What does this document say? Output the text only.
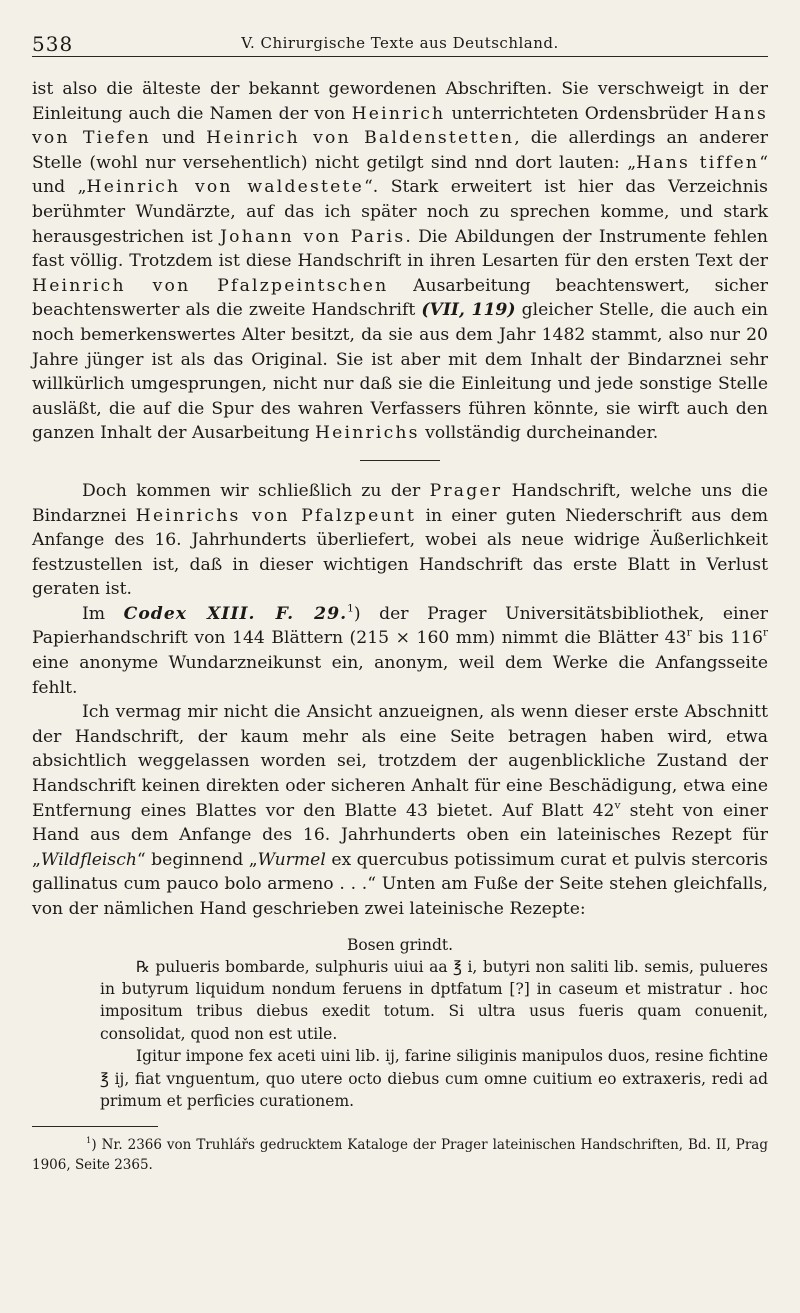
538	V. Chirurgische Texte aus Deutschland.

ist also die älteste der bekannt gewordenen Abschriften. Sie verschweigt in der Einleitung auch die Namen der von Heinrich unterrichteten Ordensbrüder Hans von Tiefen und Heinrich von Baldenstetten, die allerdings an anderer Stelle (wohl nur versehentlich) nicht getilgt sind nnd dort lauten: „Hans tiffen“ und „Heinrich von waldestete“. Stark erweitert ist hier das Verzeichnis berühmter Wundärzte, auf das ich später noch zu sprechen komme, und stark herausgestrichen ist Johann von Paris. Die Abildungen der Instrumente fehlen fast völlig. Trotzdem ist diese Handschrift in ihren Lesarten für den ersten Text der Heinrich von Pfalzpeintschen Ausarbeitung beachtenswert, sicher beachtenswerter als die zweite Handschrift (VII, 119) gleicher Stelle, die auch ein noch bemerkenswertes Alter besitzt, da sie aus dem Jahr 1482 stammt, also nur 20 Jahre jünger ist als das Original. Sie ist aber mit dem Inhalt der Bindarznei sehr willkürlich umgesprungen, nicht nur daß sie die Einleitung und jede sonstige Stelle ausläßt, die auf die Spur des wahren Verfassers führen könnte, sie wirft auch den ganzen Inhalt der Ausarbeitung Heinrichs vollständig durcheinander.

Doch kommen wir schließlich zu der Prager Handschrift, welche uns die Bindarznei Heinrichs von Pfalzpeunt in einer guten Niederschrift aus dem Anfange des 16. Jahrhunderts überliefert, wobei als neue widrige Äußerlichkeit festzustellen ist, daß in dieser wichtigen Handschrift das erste Blatt in Verlust geraten ist.

Im Codex XIII. F. 29.$^1$) der Prager Universitätsbibliothek, einer Papierhandschrift von 144 Blättern (215 × 160 mm) nimmt die Blätter 43$^r$ bis 116$^r$ eine anonyme Wundarzneikunst ein, anonym, weil dem Werke die Anfangsseite fehlt.

Ich vermag mir nicht die Ansicht anzueignen, als wenn dieser erste Abschnitt der Handschrift, der kaum mehr als eine Seite betragen haben wird, etwa absichtlich weggelassen worden sei, trotzdem der augenblickliche Zustand der Handschrift keinen direkten oder sicheren Anhalt für eine Beschädigung, etwa eine Entfernung eines Blattes vor den Blatte 43 bietet. Auf Blatt 42$^v$ steht von einer Hand aus dem Anfange des 16. Jahrhunderts oben ein lateinisches Rezept für „Wildfleisch“ beginnend „Wurmel ex quercubus potissimum curat et pulvis stercoris gallinatus cum pauco bolo armeno . . .“ Unten am Fuße der Seite stehen gleichfalls, von der nämlichen Hand geschrieben zwei lateinische Rezepte:

Bosen grindt.

℞ pulueris bombarde, sulphuris uiui aa ℥ i, butyri non saliti lib. semis, pulueres in butyrum liquidum nondum feruens in dptfatum [?] in caseum et mistratur . hoc impositum tribus diebus exedit totum. Si ultra usus fueris quam conuenit, consolidat, quod non est utile.

Igitur impone fex aceti uini lib. ij, farine siliginis manipulos duos, resine fichtine ℥ ij, fiat vnguentum, quo utere octo diebus cum omne cuitium eo extraxeris, redi ad primum et perficies curationem.

$^1$) Nr. 2366 von Truhlářs gedrucktem Kataloge der Prager lateinischen Handschriften, Bd. II, Prag 1906, Seite 2365.
